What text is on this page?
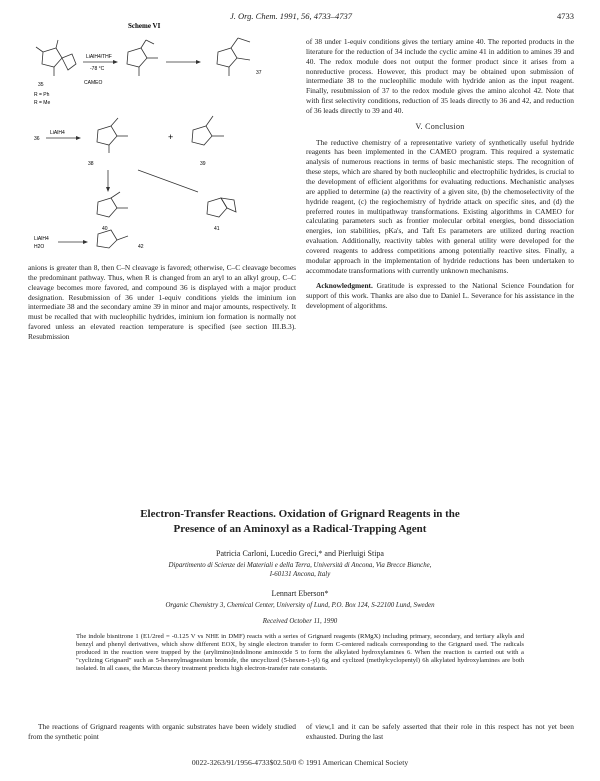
J. Org. Chem. 1991, 56, 4733–4737	4733
Scheme VI
35
R = Ph
R = Me
LiAlH4/THF
-78 °C
CAMEO
37
36
LiAlH4
38
+
39
40	41
LiAlH4
H2O	42

anions is greater than 8, then C–N cleavage is favored; otherwise, C–C cleavage becomes the predominant pathway. Thus, when R is changed from an aryl to an alkyl group, C–C cleavage becomes more favored, and compound 36 is displayed with a major product designation. Resubmission of 36 under 1-equiv conditions yields the iminium ion intermediate 38 and the secondary amine 39 in minor and major amounts, respectively. It must be recalled that with nucleophilic hydrides, iminium ion formation is normally not favored unless an elevated reaction temperature is specified (see section III.B.3). Resubmission

of 38 under 1-equiv conditions gives the tertiary amine 40. The reported products in the literature for the reduction of 34 include the cyclic amine 41 in addition to amines 39 and 40. The redox module does not output the former product since it arises from a nonreductive process. However, this product may be obtained upon submission of intermediate 38 to the nucleophilic module with hydride anion as the input reagent. Finally, resubmission of 37 to the redox module gives the amino alcohol 42. Note that with first selectivity conditions, reduction of 35 leads directly to 36 and 42, and reduction of 36 leads directly to 39 and 40.

V. Conclusion

The reductive chemistry of a representative variety of synthetically useful hydride reagents has been implemented in the CAMEO program. This required a systematic analysis of numerous reactions in terms of basic mechanistic steps. The recognition of these steps, which are shared by both nucleophilic and electrophilic hydrides, is crucial to the development of efficient algorithms for evaluating reductions. Mechanistic analyses are applied to determine (a) the reactivity of a given site, (b) the chemoselectivity of the hydride reagent, (c) the regiochemistry of hydride attack on specific sites, and (d) the preferred routes in multipathway transformations. Existing algorithms in CAMEO for calculating parameters such as frontier molecular orbital energies, bond dissociation energies, ion stabilities, pKa's, and Taft Es parameters are utilized during reaction evaluation. Additionally, reactivity tables with general utility were developed for the covered reagents to address competitions among potentially reactive sites. Finally, a modular approach in the implementation of hydride reductions has been undertaken to accommodate transformations with currently unknown mechanisms.

Acknowledgment. Gratitude is expressed to the National Science Foundation for support of this work. Thanks are also due to Daniel L. Severance for his assistance in the development of algorithms.

Electron-Transfer Reactions. Oxidation of Grignard Reagents in the
Presence of an Aminoxyl as a Radical-Trapping Agent
Patricia Carloni, Lucedio Greci,* and Pierluigi Stipa
Dipartimento di Scienze dei Materiali e della Terra, Università di Ancona, Via Brecce Bianche,
I-60131 Ancona, Italy
Lennart Eberson*
Organic Chemistry 3, Chemical Center, University of Lund, P.O. Box 124, S-22100 Lund, Sweden
Received October 11, 1990
The indole bisnitrone 1 (E1/2red = -0.125 V vs NHE in DMF) reacts with a series of Grignard reagents (RMgX) including primary, secondary, and tertiary alkyls and benzyl and phenyl derivatives, which show different EOX, by single electron transfer to form C-centered radicals corresponding to the Grignard used. The radicals produced in the reaction were trapped by the (arylimino)indolinone aminoxide 5 to form the alkylated hydroxylamines 6. When the reaction is carried out with a "cyclizing Grignard" such as 5-hexenylmagnesium bromide, the uncyclized (5-hexen-1-yl) 6g and cyclized (methylcyclopentyl) 6h alkylated hydroxylamines are both isolated. In all cases, the Marcus theory treatment predicts high electron-transfer rate constants.
The reactions of Grignard reagents with organic substrates have been widely studied from the synthetic point
of view,1 and it can be safely asserted that their role in this respect has not yet been exhausted. During the last
0022-3263/91/1956-4733$02.50/0 © 1991 American Chemical Society
